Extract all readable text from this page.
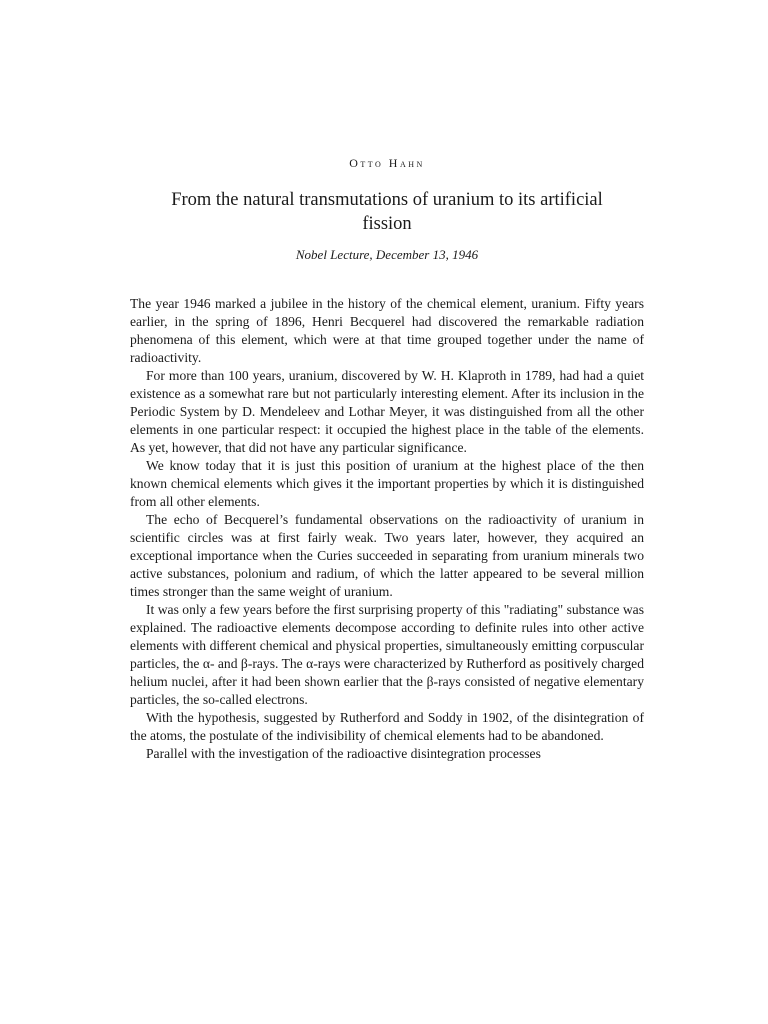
Otto Hahn

From the natural transmutations of uranium to its artificial fission

Nobel Lecture, December 13, 1946

The year 1946 marked a jubilee in the history of the chemical element, uranium. Fifty years earlier, in the spring of 1896, Henri Becquerel had discovered the remarkable radiation phenomena of this element, which were at that time grouped together under the name of radioactivity.

For more than 100 years, uranium, discovered by W. H. Klaproth in 1789, had had a quiet existence as a somewhat rare but not particularly interesting element. After its inclusion in the Periodic System by D. Mendeleev and Lothar Meyer, it was distinguished from all the other elements in one particular respect: it occupied the highest place in the table of the elements. As yet, however, that did not have any particular significance.

We know today that it is just this position of uranium at the highest place of the then known chemical elements which gives it the important properties by which it is distinguished from all other elements.

The echo of Becquerel’s fundamental observations on the radioactivity of uranium in scientific circles was at first fairly weak. Two years later, however, they acquired an exceptional importance when the Curies succeeded in separating from uranium minerals two active substances, polonium and radium, of which the latter appeared to be several million times stronger than the same weight of uranium.

It was only a few years before the first surprising property of this "radiating" substance was explained. The radioactive elements decompose according to definite rules into other active elements with different chemical and physical properties, simultaneously emitting corpuscular particles, the α- and β-rays. The α-rays were characterized by Rutherford as positively charged helium nuclei, after it had been shown earlier that the β-rays consisted of negative elementary particles, the so-called electrons.

With the hypothesis, suggested by Rutherford and Soddy in 1902, of the disintegration of the atoms, the postulate of the indivisibility of chemical elements had to be abandoned.

Parallel with the investigation of the radioactive disintegration processes
